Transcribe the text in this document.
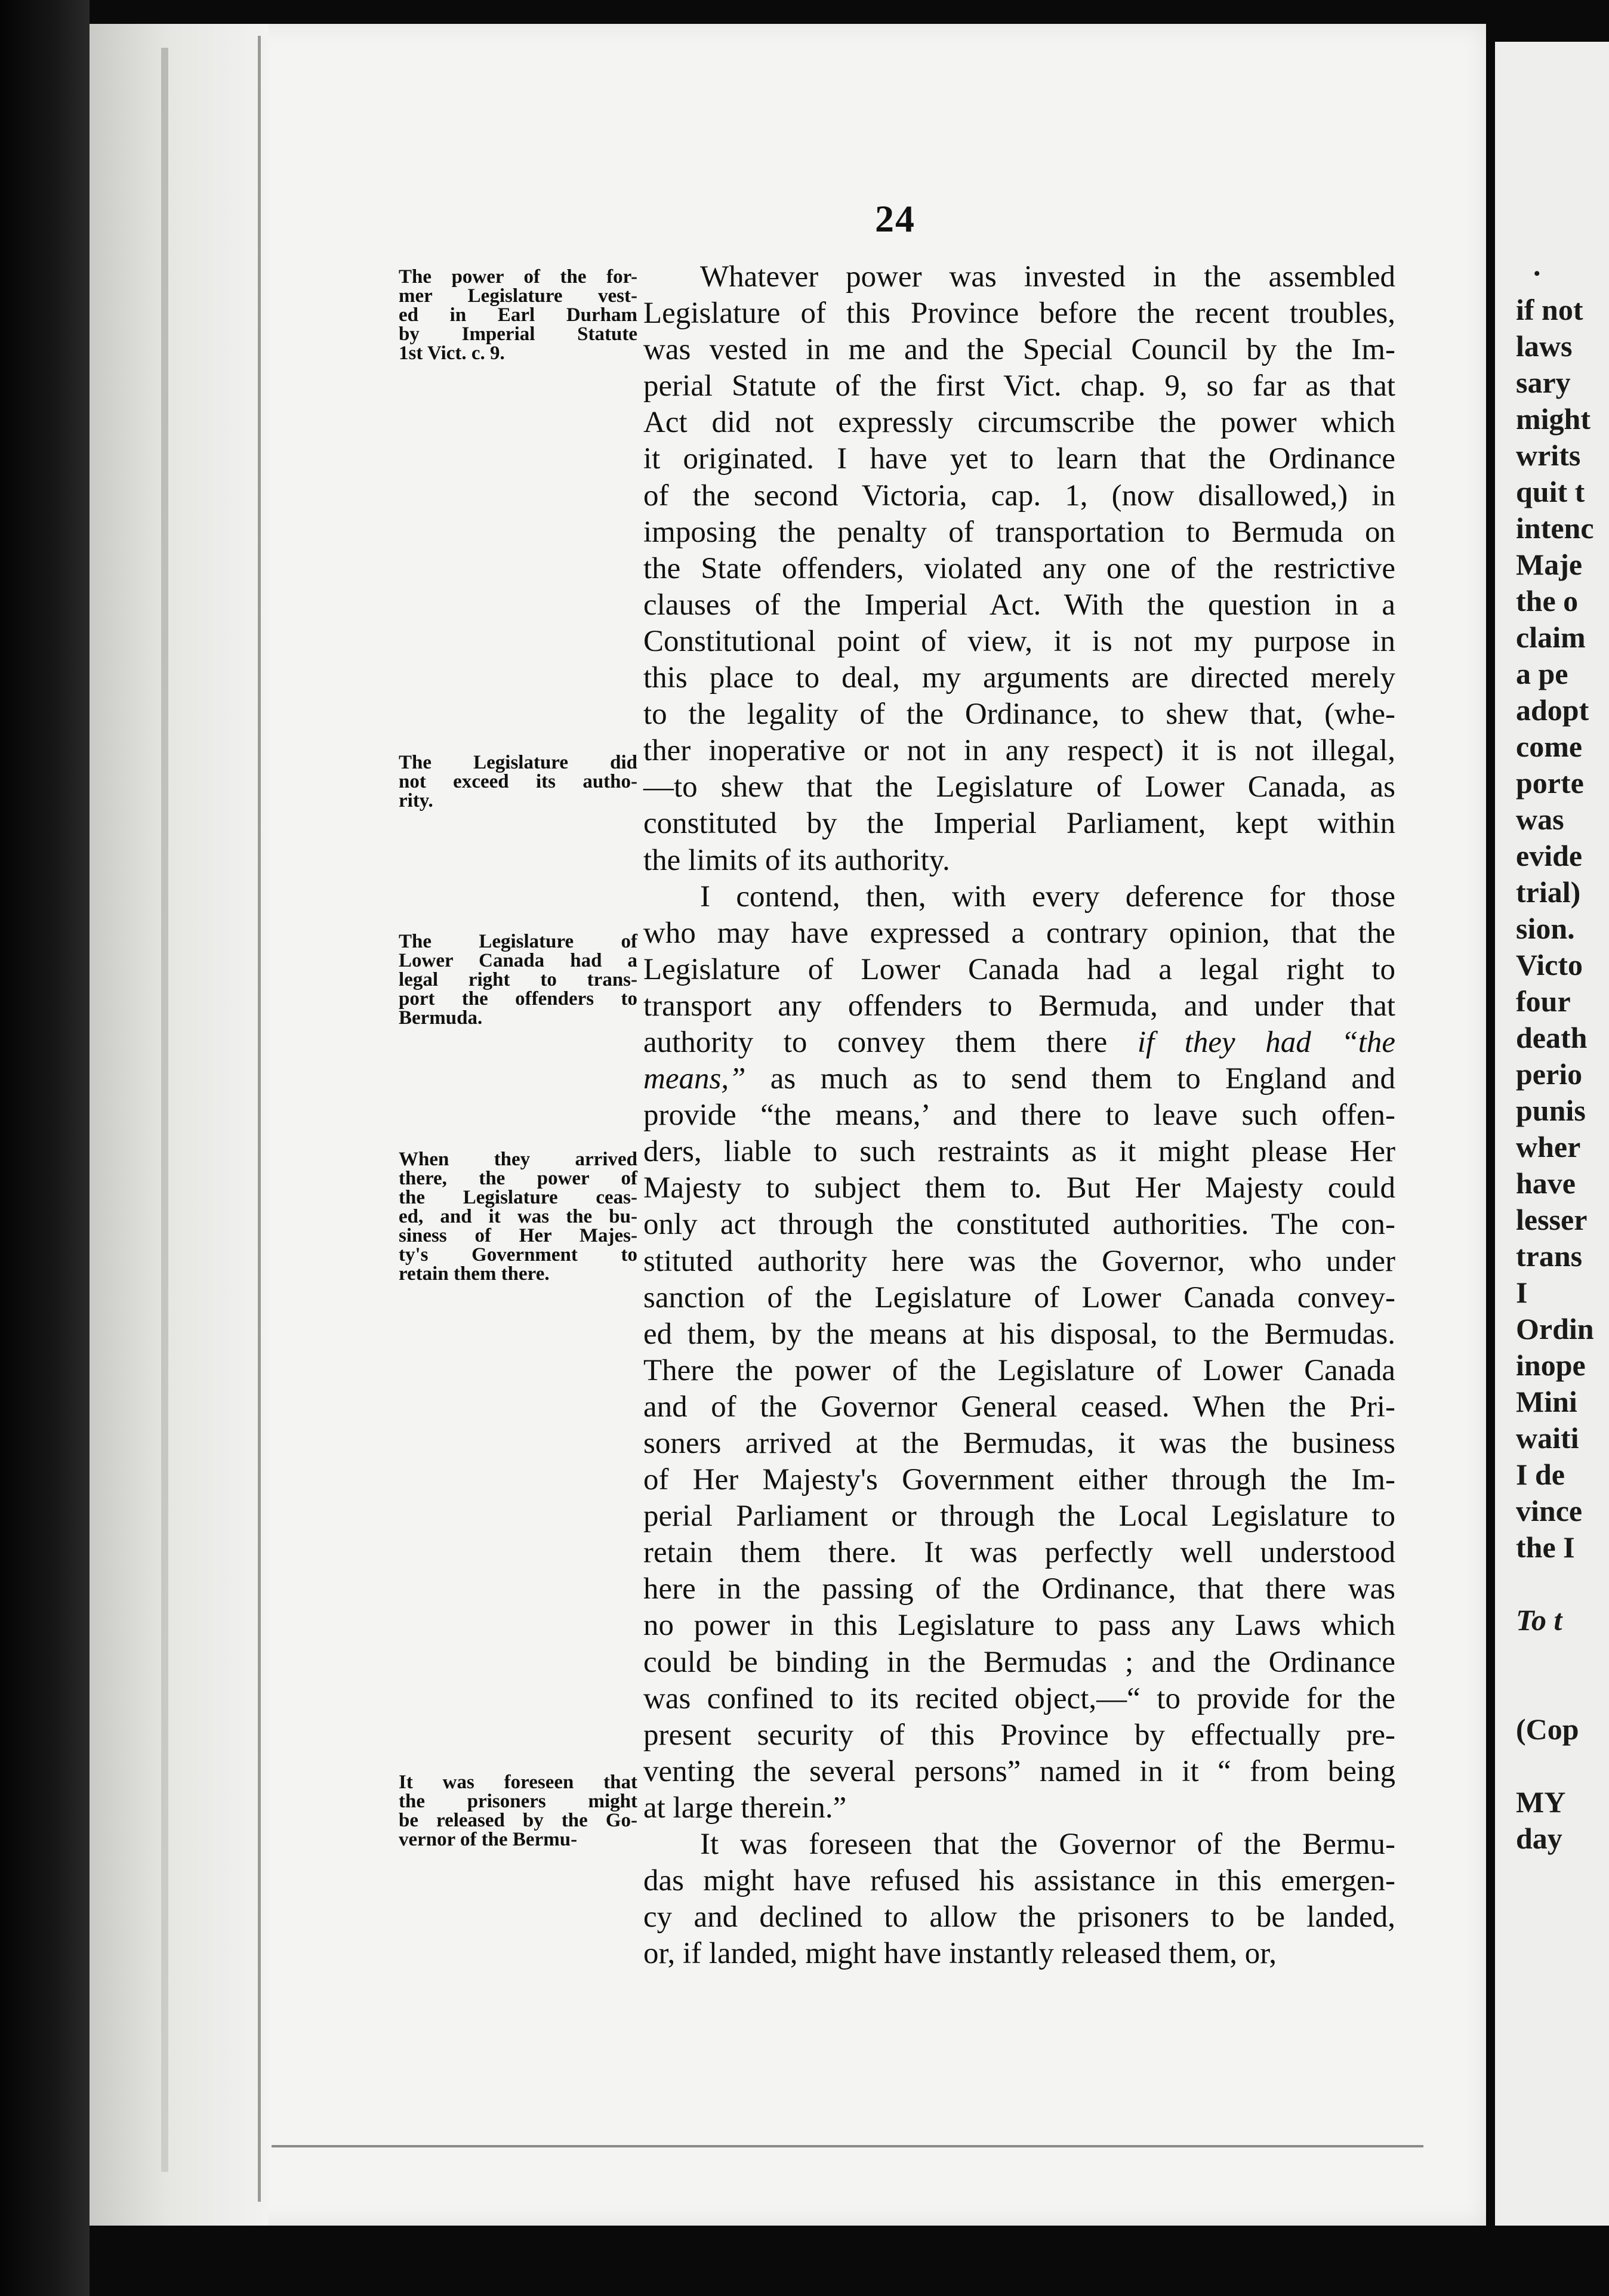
24
The power of the for-
mer Legislature vest-
ed in Earl Durham
by Imperial Statute
1st Vict. c. 9.
The Legislature did
not exceed its autho-
rity.
The Legislature of
Lower Canada had a
legal right to trans-
port the offenders to
Bermuda.
When they arrived
there, the power of
the Legislature ceas-
ed, and it was the bu-
siness of Her Majes-
ty's Government to
retain them there.
It was foreseen that
the prisoners might
be released by the Go-
vernor of the Bermu-
Whatever power was invested in the assembled
Legislature of this Province before the recent troubles,
was vested in me and the Special Council by the Im-
perial Statute of the first Vict. chap. 9, so far as that
Act did not expressly circumscribe the power which
it originated. I have yet to learn that the Ordinance
of the second Victoria, cap. 1, (now disallowed,) in
imposing the penalty of transportation to Bermuda on
the State offenders, violated any one of the restrictive
clauses of the Imperial Act. With the question in a
Constitutional point of view, it is not my purpose in
this place to deal, my arguments are directed merely
to the legality of the Ordinance, to shew that, (whe-
ther inoperative or not in any respect) it is not illegal,
—to shew that the Legislature of Lower Canada, as
constituted by the Imperial Parliament, kept within
the limits of its authority.
I contend, then, with every deference for those
who may have expressed a contrary opinion, that the
Legislature of Lower Canada had a legal right to
transport any offenders to Bermuda, and under that
authority to convey them there if they had “the
means,” as much as to send them to England and
provide “the means,’ and there to leave such offen-
ders, liable to such restraints as it might please Her
Majesty to subject them to. But Her Majesty could
only act through the constituted authorities. The con-
stituted authority here was the Governor, who under
sanction of the Legislature of Lower Canada convey-
ed them, by the means at his disposal, to the Bermudas.
There the power of the Legislature of Lower Canada
and of the Governor General ceased. When the Pri-
soners arrived at the Bermudas, it was the business
of Her Majesty's Government either through the Im-
perial Parliament or through the Local Legislature to
retain them there. It was perfectly well understood
here in the passing of the Ordinance, that there was
no power in this Legislature to pass any Laws which
could be binding in the Bermudas ; and the Ordinance
was confined to its recited object,—“ to provide for the
present security of this Province by effectually pre-
venting the several persons” named in it “ from being
at large therein.”
It was foreseen that the Governor of the Bermu-
das might have refused his assistance in this emergen-
cy and declined to allow the prisoners to be landed,
or, if landed, might have instantly released them, or,
•
if not
laws
sary
might
writs
quit t
intenc
Maje
the o
claim
a pe
adopt
come
porte
was
evide
trial)
sion.
Victo
four
death
perio
punis
wher
have
lesser
trans
I
Ordin
inope
Mini
waiti
I de
vince
the I
To t
(Cop
MY
day
